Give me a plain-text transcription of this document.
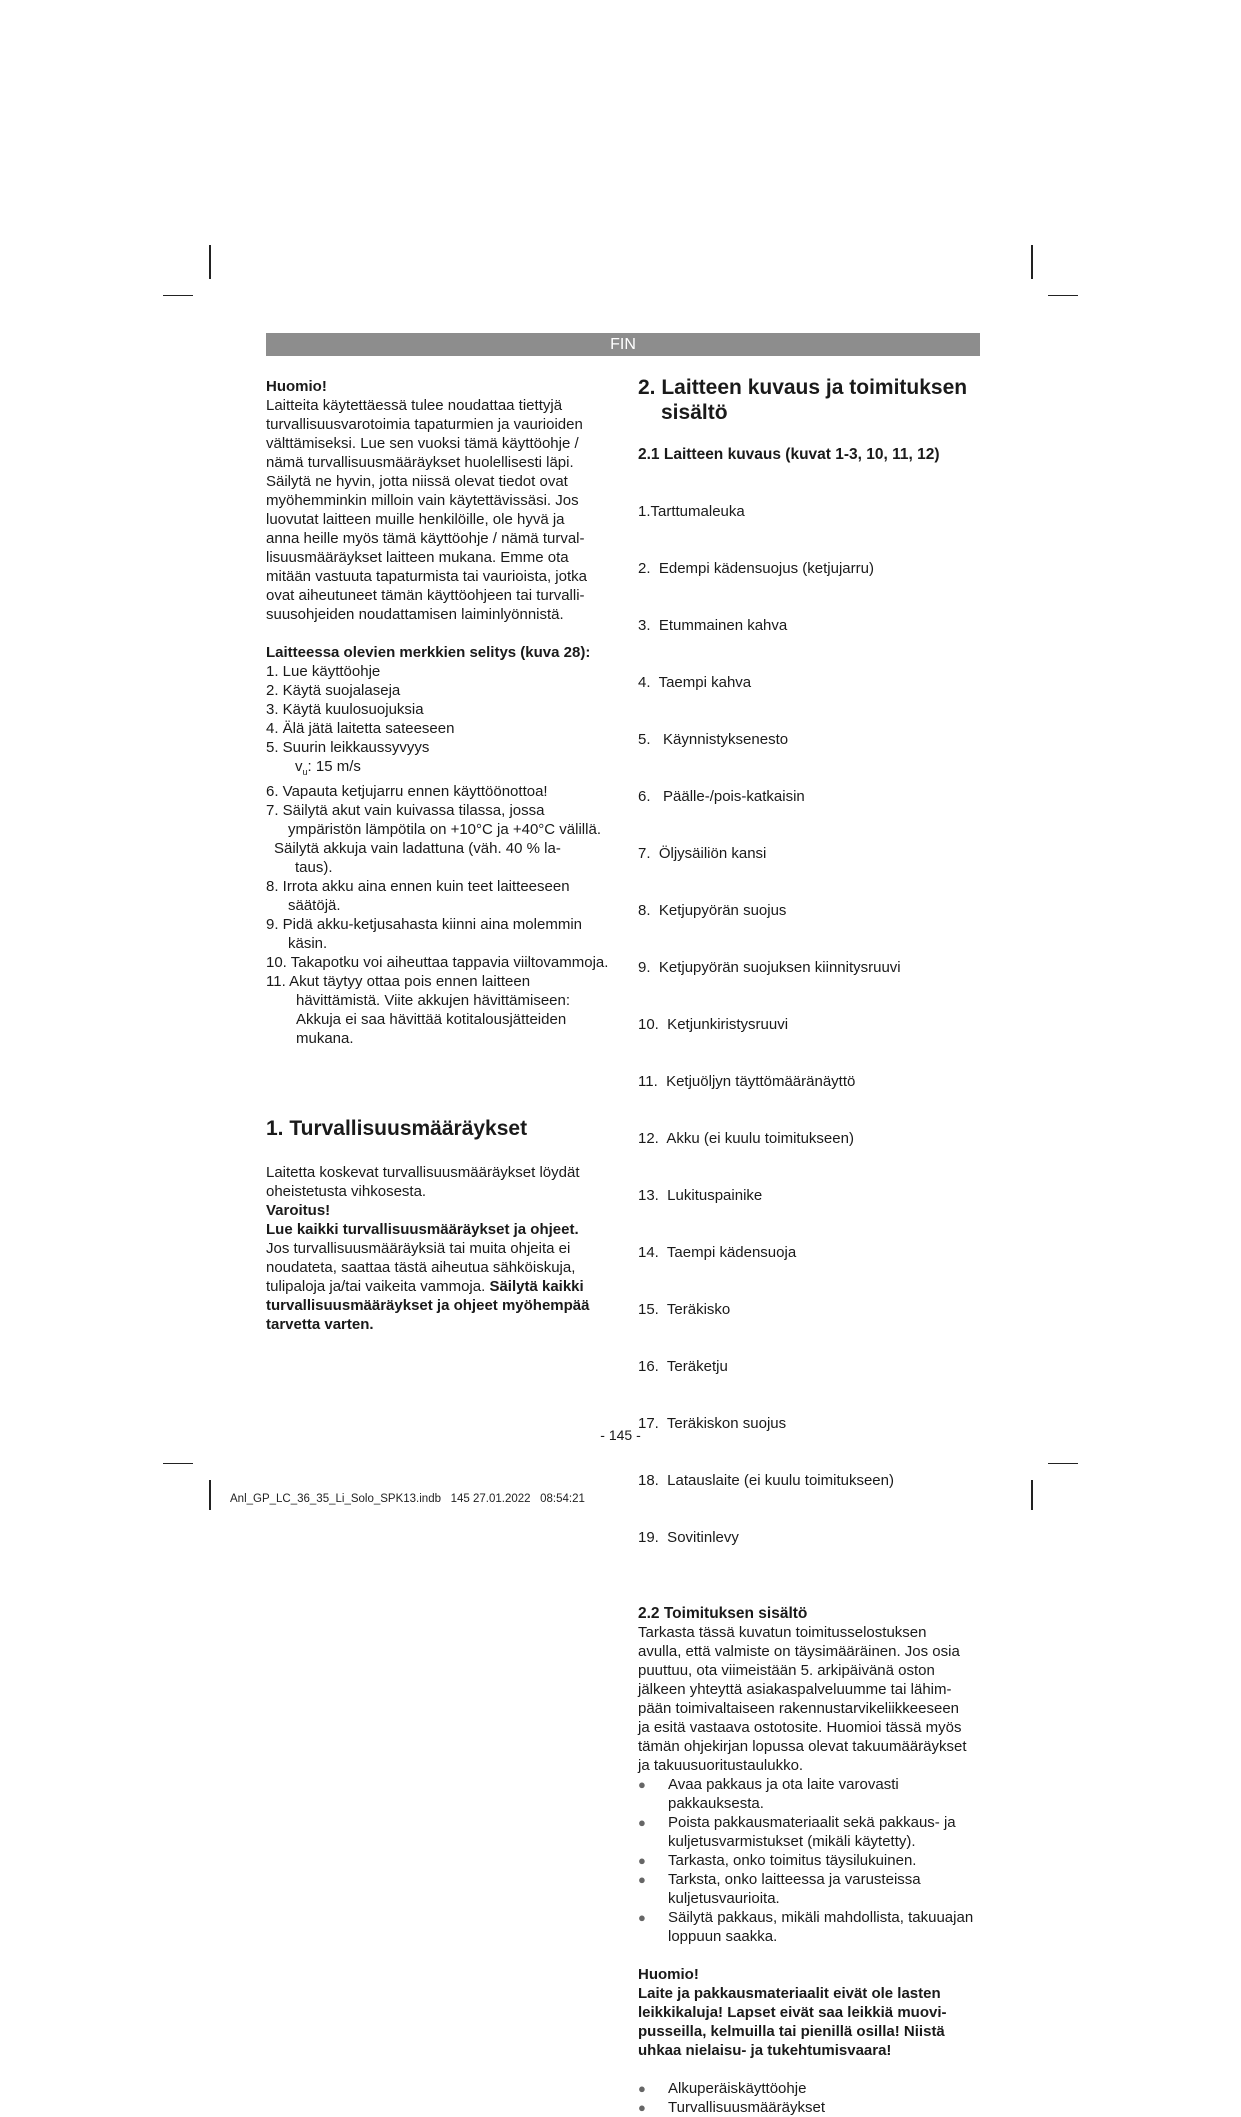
FIN

Huomio!

Laitteita käytettäessä tulee noudattaa tiettyjä

turvallisuusvarotoimia tapaturmien ja vaurioiden

välttämiseksi. Lue sen vuoksi tämä käyttöohje /

nämä turvallisuusmääräykset huolellisesti läpi.

Säilytä ne hyvin, jotta niissä olevat tiedot ovat

myöhemminkin milloin vain käytettävissäsi. Jos

luovutat laitteen muille henkilöille, ole hyvä ja

anna heille myös tämä käyttöohje / nämä turval-

lisuusmääräykset laitteen mukana. Emme ota

mitään vastuuta tapaturmista tai vaurioista, jotka

ovat aiheutuneet tämän käyttöohjeen tai turvalli-

suusohjeiden noudattamisen laiminlyönnistä.

Laitteessa olevien merkkien selitys (kuva 28):

1. Lue käyttöohje

2. Käytä suojalaseja

3. Käytä kuulosuojuksia

4. Älä jätä laitetta sateeseen

5. Suurin leikkaussyvyys

$v_u$: 15 m/s

6. Vapauta ketjujarru ennen käyttöönottoa!

7. Säilytä akut vain kuivassa tilassa, jossa ympäristön lämpötila on +10°C ja +40°C välillä.

Säilytä akkuja vain ladattuna (väh. 40 % la-

taus).

8. Irrota akku aina ennen kuin teet laitteeseen säätöjä.

9. Pidä akku-ketjusahasta kiinni aina molemmin käsin.

10. Takapotku voi aiheuttaa tappavia viiltovammoja.

11. Akut täytyy ottaa pois ennen laitteen hävittämistä. Viite akkujen hävittämiseen: Akkuja ei saa hävittää kotitalousjätteiden mukana.

1. Turvallisuusmääräykset

Laitetta koskevat turvallisuusmääräykset löydät

oheistetusta vihkosesta.

Varoitus!

Lue kaikki turvallisuusmääräykset ja ohjeet.

Jos turvallisuusmääräyksiä tai muita ohjeita ei

noudateta, saattaa tästä aiheutua sähköiskuja,

tulipaloja ja/tai vaikeita vammoja. Säilytä kaikki

turvallisuusmääräykset ja ohjeet myöhempää

tarvetta varten.

2. Laitteen kuvaus ja toimituksen
sisältö
2.1 Laitteen kuvaus (kuvat 1-3, 10, 11, 12)

1.Tarttumaleuka

2.  Edempi kädensuojus (ketjujarru)

3.  Etummainen kahva

4.  Taempi kahva

5.   Käynnistyksenesto

6.   Päälle-/pois-katkaisin

7.  Öljysäiliön kansi

8.  Ketjupyörän suojus

9.  Ketjupyörän suojuksen kiinnitysruuvi

10.  Ketjunkiristysruuvi

11.  Ketjuöljyn täyttömääränäyttö

12.  Akku (ei kuulu toimitukseen)

13.  Lukituspainike

14.  Taempi kädensuoja

15.  Teräkisko

16.  Teräketju

17.  Teräkiskon suojus

18.  Latauslaite (ei kuulu toimitukseen)

19.  Sovitinlevy

2.2 Toimituksen sisältö

Tarkasta tässä kuvatun toimitusselostuksen

avulla, että valmiste on täysimääräinen. Jos osia

puuttuu, ota viimeistään 5. arkipäivänä oston

jälkeen yhteyttä asiakaspalveluumme tai lähim-

pään toimivaltaiseen rakennustarvikeliikkeeseen

ja esitä vastaava ostotosite. Huomioi tässä myös

tämän ohjekirjan lopussa olevat takuumääräykset

ja takuusuoritustaulukko.

● Avaa pakkaus ja ota laite varovasti pakkauksesta.
● Poista pakkausmateriaalit sekä pakkaus- ja kuljetusvarmistukset (mikäli käytetty).
● Tarkasta, onko toimitus täysilukuinen.
● Tarksta, onko laitteessa ja varusteissa kuljetusvaurioita.
● Säilytä pakkaus, mikäli mahdollista, takuuajan loppuun saakka.

Huomio!

Laite ja pakkausmateriaalit eivät ole lasten

leikkikaluja! Lapset eivät saa leikkiä muovi-

pusseilla, kelmuilla tai pienillä osilla! Niistä

uhkaa nielaisu- ja tukehtumisvaara!

● Alkuperäiskäyttöohje
● Turvallisuusmääräykset
- 145 -
Anl_GP_LC_36_35_Li_Solo_SPK13.indb   145 27.01.2022   08:54:21
